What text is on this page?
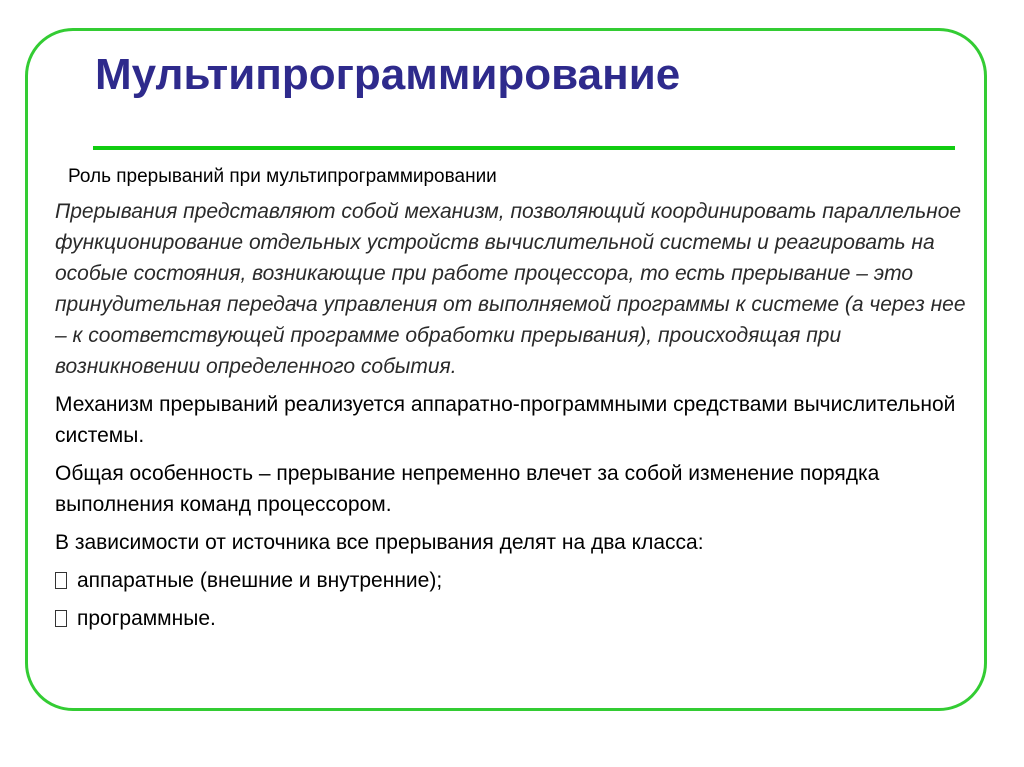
Мультипрограммирование
Роль прерываний при мультипрограммировании

Прерывания представляют собой механизм, позволяющий координировать параллельное функционирование отдельных устройств вычислительной системы и реагировать на особые состояния, возникающие при работе процессора, то есть прерывание – это принудительная передача управления от выполняемой программы к системе (а через нее – к соответствующей программе обработки прерывания), происходящая при возникновении определенного события.

Механизм прерываний реализуется аппаратно-программными средствами вычислительной системы.

Общая особенность – прерывание непременно влечет за собой изменение порядка выполнения команд процессором.

В зависимости от источника все прерывания делят на два класса:

аппаратные (внешние и внутренние);
программные.
